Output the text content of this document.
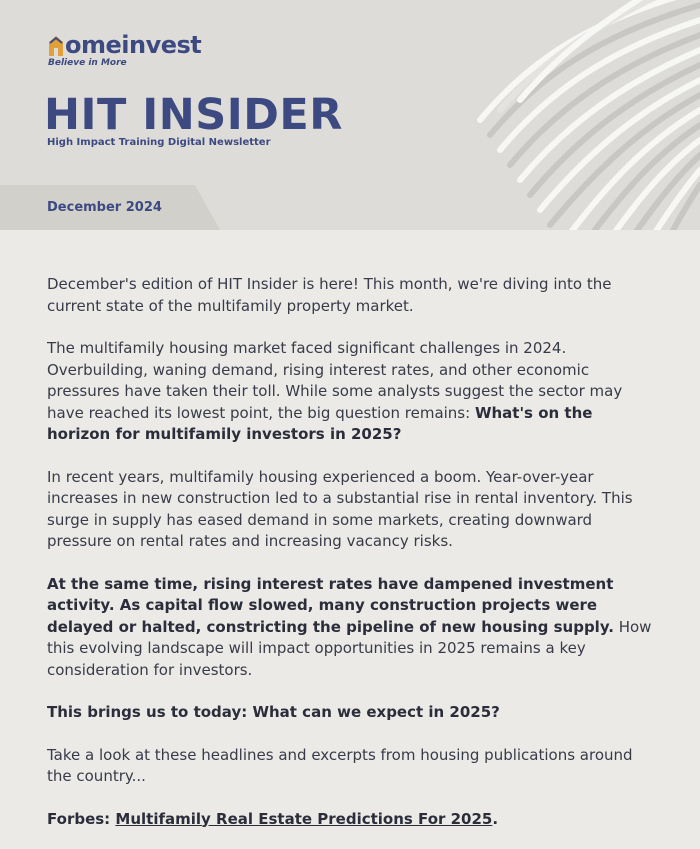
omeinvest
Believe in More
HIT INSIDER
High Impact Training Digital Newsletter
December 2024

December's edition of HIT Insider is here! This month, we're diving into the current state of the multifamily property market.

The multifamily housing market faced significant challenges in 2024. Overbuilding, waning demand, rising interest rates, and other economic pressures have taken their toll. While some analysts suggest the sector may have reached its lowest point, the big question remains: What's on the horizon for multifamily investors in 2025?

In recent years, multifamily housing experienced a boom. Year-over-year increases in new construction led to a substantial rise in rental inventory. This surge in supply has eased demand in some markets, creating downward pressure on rental rates and increasing vacancy risks.

At the same time, rising interest rates have dampened investment activity. As capital flow slowed, many construction projects were delayed or halted, constricting the pipeline of new housing supply. How this evolving landscape will impact opportunities in 2025 remains a key consideration for investors.

This brings us to today: What can we expect in 2025?

Take a look at these headlines and excerpts from housing publications around the country...

Forbes: Multifamily Real Estate Predictions For 2025.
